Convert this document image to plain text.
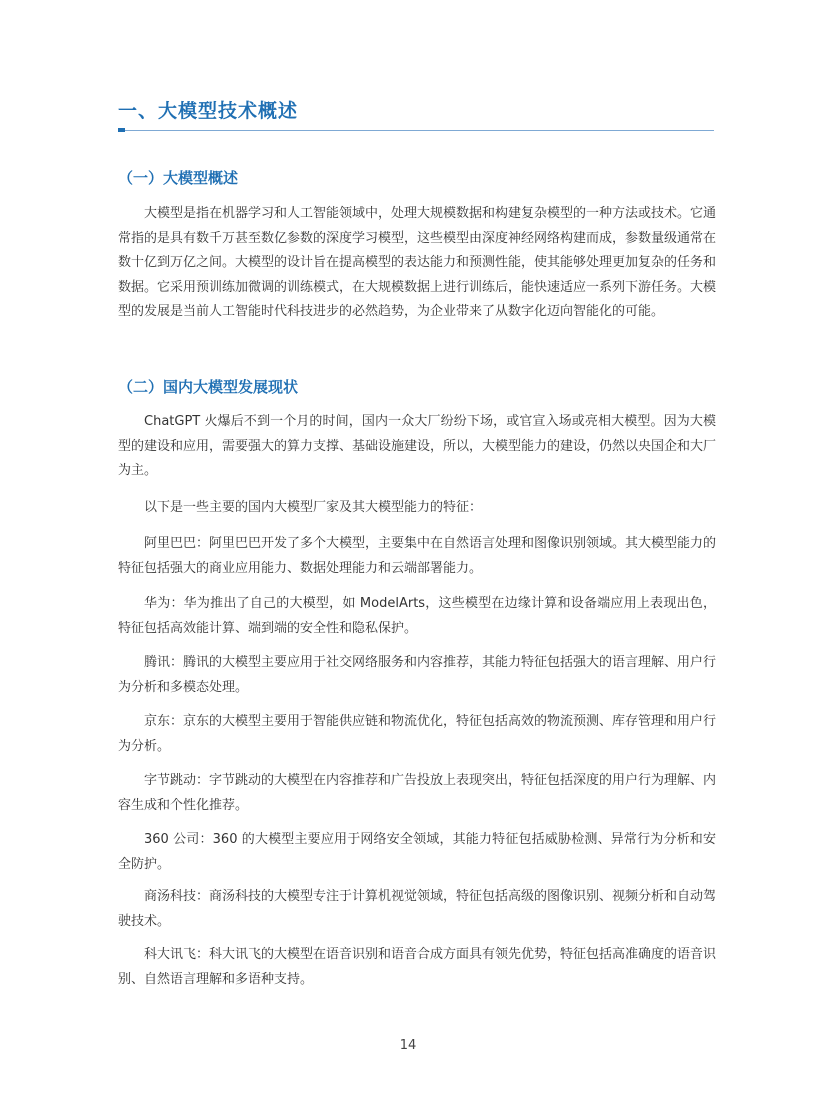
一、大模型技术概述
（一）大模型概述

大模型是指在机器学习和人工智能领域中，处理大规模数据和构建复杂模型的一种方法或技术。它通常指的是具有数千万甚至数亿参数的深度学习模型，这些模型由深度神经网络构建而成，参数量级通常在数十亿到万亿之间。大模型的设计旨在提高模型的表达能力和预测性能，使其能够处理更加复杂的任务和数据。它采用预训练加微调的训练模式，在大规模数据上进行训练后，能快速适应一系列下游任务。大模型的发展是当前人工智能时代科技进步的必然趋势，为企业带来了从数字化迈向智能化的可能。

（二）国内大模型发展现状

ChatGPT 火爆后不到一个月的时间，国内一众大厂纷纷下场，或官宣入场或亮相大模型。因为大模型的建设和应用，需要强大的算力支撑、基础设施建设，所以，大模型能力的建设，仍然以央国企和大厂为主。

以下是一些主要的国内大模型厂家及其大模型能力的特征：

阿里巴巴：阿里巴巴开发了多个大模型，主要集中在自然语言处理和图像识别领域。其大模型能力的特征包括强大的商业应用能力、数据处理能力和云端部署能力。

华为：华为推出了自己的大模型，如 ModelArts，这些模型在边缘计算和设备端应用上表现出色，特征包括高效能计算、端到端的安全性和隐私保护。

腾讯：腾讯的大模型主要应用于社交网络服务和内容推荐，其能力特征包括强大的语言理解、用户行为分析和多模态处理。

京东：京东的大模型主要用于智能供应链和物流优化，特征包括高效的物流预测、库存管理和用户行为分析。

字节跳动：字节跳动的大模型在内容推荐和广告投放上表现突出，特征包括深度的用户行为理解、内容生成和个性化推荐。

360 公司：360 的大模型主要应用于网络安全领域，其能力特征包括威胁检测、异常行为分析和安全防护。

商汤科技：商汤科技的大模型专注于计算机视觉领域，特征包括高级的图像识别、视频分析和自动驾驶技术。

科大讯飞：科大讯飞的大模型在语音识别和语音合成方面具有领先优势，特征包括高准确度的语音识别、自然语言理解和多语种支持。

14
